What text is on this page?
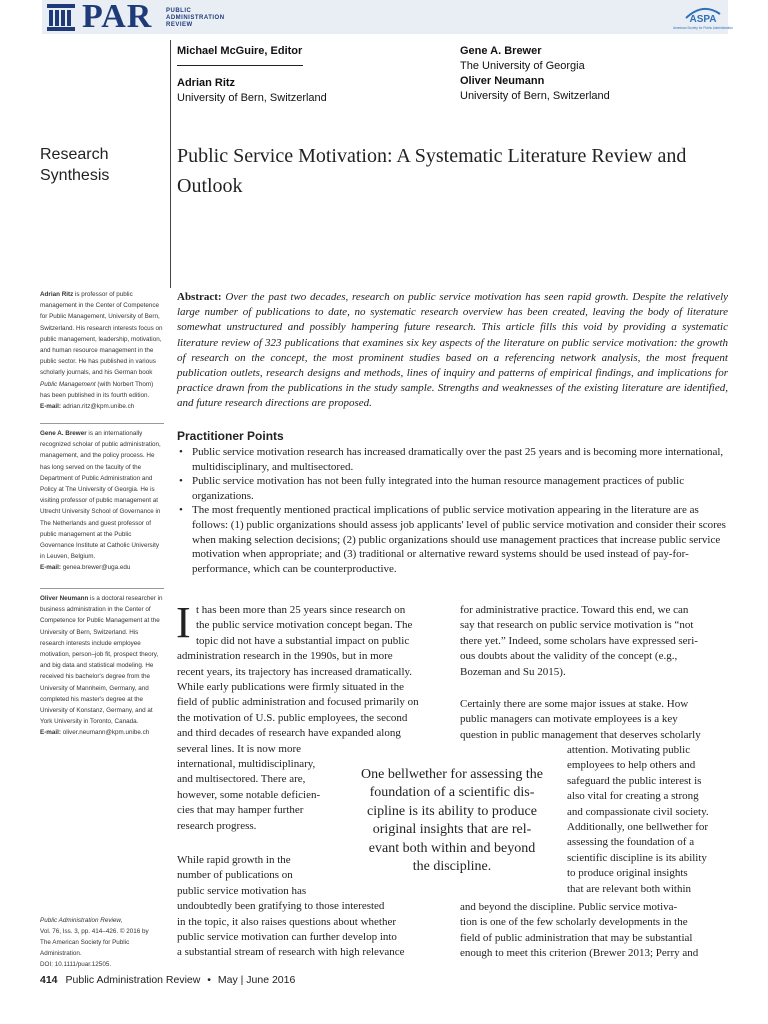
PAR PUBLIC
ADMINISTRATION
REVIEW	ASPA
American Society for Public Administration
Michael McGuire, Editor
Adrian Ritz
University of Bern, Switzerland
Gene A. Brewer
The University of Georgia
Oliver Neumann
University of Bern, Switzerland
Research
Synthesis
Public Service Motivation: A Systematic Literature Review and Outlook
Abstract: Over the past two decades, research on public service motivation has seen rapid growth. Despite the relatively large number of publications to date, no systematic research overview has been created, leaving the body of literature somewhat unstructured and possibly hampering future research. This article fills this void by providing a systematic literature review of 323 publications that examines six key aspects of the literature on public service motivation: the growth of research on the concept, the most prominent studies based on a referencing network analysis, the most frequent publication outlets, research designs and methods, lines of inquiry and patterns of empirical findings, and implications for practice drawn from the publications in the study sample. Strengths and weaknesses of the existing literature are identified, and future research directions are proposed.
Practitioner Points
• Public service motivation research has increased dramatically over the past 25 years and is becoming more international, multidisciplinary, and multisectored.
• Public service motivation has not been fully integrated into the human resource management practices of public organizations.
• The most frequently mentioned practical implications of public service motivation appearing in the literature are as follows: (1) public organizations should assess job applicants' level of public service motivation and consider their scores when making selection decisions; (2) public organizations should use management practices that increase public service motivation when appropriate; and (3) traditional or alternative reward systems should be used instead of pay-for-performance, which can be counterproductive.
Adrian Ritz is professor of public management in the Center of Competence for Public Management, University of Bern, Switzerland. His research interests focus on public management, leadership, motivation, and human resource management in the public sector. He has published in various scholarly journals, and his German book Public Management (with Norbert Thom) has been published in its fourth edition.
E-mail: adrian.ritz@kpm.unibe.ch
Gene A. Brewer is an internationally recognized scholar of public administration, management, and the policy process. He has long served on the faculty of the Department of Public Administration and Policy at The University of Georgia. He is visiting professor of public management at Utrecht University School of Governance in The Netherlands and guest professor of public management at the Public Governance Institute at Catholic University in Leuven, Belgium.
E-mail: genea.brewer@uga.edu
Oliver Neumann is a doctoral researcher in business administration in the Center of Competence for Public Management at the University of Bern, Switzerland. His research interests include employee motivation, person–job fit, prospect theory, and big data and statistical modeling. He received his bachelor's degree from the University of Mannheim, Germany, and completed his master's degree at the University of Konstanz, Germany, and at York University in Toronto, Canada.
E-mail: oliver.neumann@kpm.unibe.ch
Public Administration Review,
Vol. 76, Iss. 3, pp. 414–426. © 2016 by
The American Society for Public Administration.
DOI: 10.1111/puar.12505.
I t has been more than 25 years since research on
the public service motivation concept began. The
topic did not have a substantial impact on public
administration research in the 1990s, but in more
recent years, its trajectory has increased dramatically.
While early publications were firmly situated in the
field of public administration and focused primarily on
the motivation of U.S. public employees, the second
and third decades of research have expanded along
several lines. It is now more
international, multidisciplinary,
and multisectored. There are,
however, some notable deficien-
cies that may hamper further
research progress.
While rapid growth in the
number of publications on
public service motivation has
undoubtedly been gratifying to those interested
in the topic, it also raises questions about whether
public service motivation can further develop into
a substantial stream of research with high relevance
for administrative practice. Toward this end, we can
say that research on public service motivation is “not
there yet.” Indeed, some scholars have expressed seri-
ous doubts about the validity of the concept (e.g.,
Bozeman and Su 2015).
Certainly there are some major issues at stake. How
public managers can motivate employees is a key
question in public management that deserves scholarly
attention. Motivating public
employees to help others and
safeguard the public interest is
also vital for creating a strong
and compassionate civil society.
Additionally, one bellwether for
assessing the foundation of a
scientific discipline is its ability
to produce original insights
that are relevant both within
and beyond the discipline. Public service motiva-
tion is one of the few scholarly developments in the
field of public administration that may be substantial
enough to meet this criterion (Brewer 2013; Perry and
One bellwether for assessing the
foundation of a scientific dis-
cipline is its ability to produce
original insights that are rel-
evant both within and beyond
the discipline.
414 Public Administration Review • May | June 2016
